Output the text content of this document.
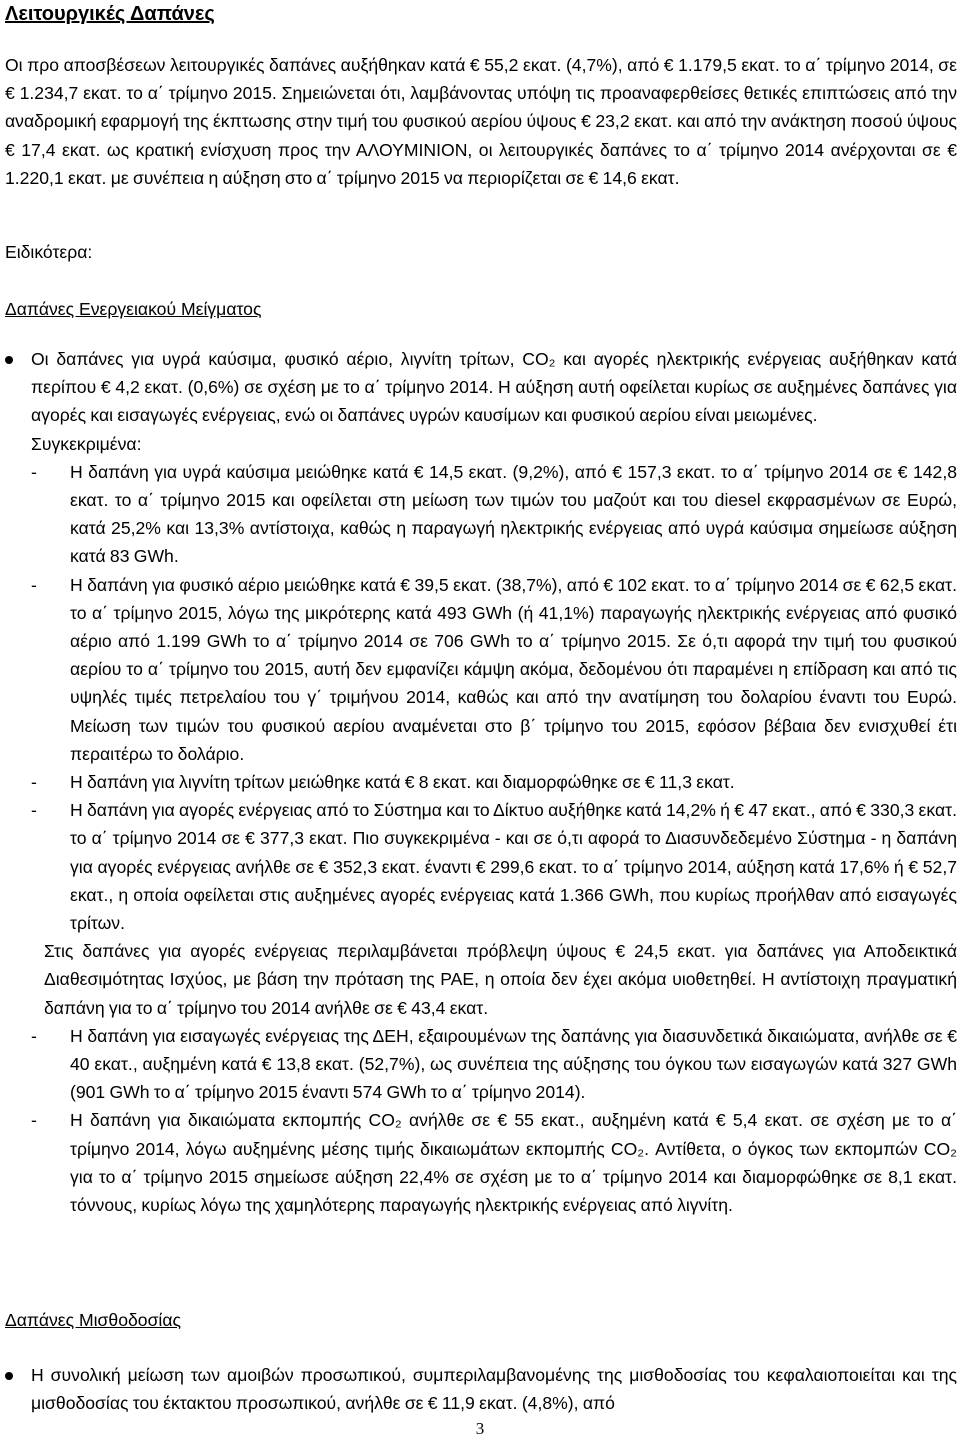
Λειτουργικές Δαπάνες

Οι προ αποσβέσεων λειτουργικές δαπάνες αυξήθηκαν κατά € 55,2 εκατ. (4,7%), από € 1.179,5 εκατ. το α΄ τρίμηνο 2014, σε € 1.234,7 εκατ. το α΄ τρίμηνο 2015. Σημειώνεται ότι, λαμβάνοντας υπόψη τις προαναφερθείσες θετικές επιπτώσεις από την αναδρομική εφαρμογή της έκπτωσης στην τιμή του φυσικού αερίου ύψους € 23,2 εκατ. και από την ανάκτηση ποσού ύψους € 17,4 εκατ. ως κρατική ενίσχυση προς την ΑΛΟΥΜΙΝΙΟΝ, οι λειτουργικές δαπάνες το α΄ τρίμηνο 2014 ανέρχονται σε € 1.220,1 εκατ. με συνέπεια η αύξηση στο α΄ τρίμηνο 2015 να περιορίζεται σε € 14,6 εκατ.

Ειδικότερα:

Δαπάνες Ενεργειακού Μείγματος

Οι δαπάνες για υγρά καύσιμα, φυσικό αέριο, λιγνίτη τρίτων, CO₂ και αγορές ηλεκτρικής ενέργειας αυξήθηκαν κατά περίπου € 4,2 εκατ. (0,6%) σε σχέση με το α΄ τρίμηνο 2014. Η αύξηση αυτή οφείλεται κυρίως σε αυξημένες δαπάνες για αγορές και εισαγωγές ενέργειας, ενώ οι δαπάνες υγρών καυσίμων και φυσικού αερίου είναι μειωμένες.

Συγκεκριμένα:

- Η δαπάνη για υγρά καύσιμα μειώθηκε κατά € 14,5 εκατ. (9,2%), από € 157,3 εκατ. το α΄ τρίμηνο 2014 σε € 142,8 εκατ. το α΄ τρίμηνο 2015 και οφείλεται στη μείωση των τιμών του μαζούτ και του diesel εκφρασμένων σε Ευρώ, κατά 25,2% και 13,3% αντίστοιχα, καθώς η παραγωγή ηλεκτρικής ενέργειας από υγρά καύσιμα σημείωσε αύξηση κατά 83 GWh.
- Η δαπάνη για φυσικό αέριο μειώθηκε κατά € 39,5 εκατ. (38,7%), από € 102 εκατ. το α΄ τρίμηνο 2014 σε € 62,5 εκατ. το α΄ τρίμηνο 2015, λόγω της μικρότερης κατά 493 GWh (ή 41,1%) παραγωγής ηλεκτρικής ενέργειας από φυσικό αέριο από 1.199 GWh το α΄ τρίμηνο 2014 σε 706 GWh το α΄ τρίμηνο 2015. Σε ό,τι αφορά την τιμή του φυσικού αερίου το α΄ τρίμηνο του 2015, αυτή δεν εμφανίζει κάμψη ακόμα, δεδομένου ότι παραμένει η επίδραση και από τις υψηλές τιμές πετρελαίου του γ΄ τριμήνου 2014, καθώς και από την ανατίμηση του δολαρίου έναντι του Ευρώ. Μείωση των τιμών του φυσικού αερίου αναμένεται στο β΄ τρίμηνο του 2015, εφόσον βέβαια δεν ενισχυθεί έτι περαιτέρω το δολάριο.
- Η δαπάνη για λιγνίτη τρίτων μειώθηκε κατά € 8 εκατ. και διαμορφώθηκε σε € 11,3 εκατ.
- Η δαπάνη για αγορές ενέργειας από το Σύστημα και το Δίκτυο αυξήθηκε κατά 14,2% ή € 47 εκατ., από € 330,3 εκατ. το α΄ τρίμηνο 2014 σε € 377,3 εκατ. Πιο συγκεκριμένα - και σε ό,τι αφορά το Διασυνδεδεμένο Σύστημα - η δαπάνη για αγορές ενέργειας ανήλθε σε € 352,3 εκατ. έναντι € 299,6 εκατ. το α΄ τρίμηνο 2014, αύξηση κατά 17,6% ή € 52,7 εκατ., η οποία οφείλεται στις αυξημένες αγορές ενέργειας κατά 1.366 GWh, που κυρίως προήλθαν από εισαγωγές τρίτων.

Στις δαπάνες για αγορές ενέργειας περιλαμβάνεται πρόβλεψη ύψους € 24,5 εκατ. για δαπάνες για Αποδεικτικά Διαθεσιμότητας Ισχύος, με βάση την πρόταση της ΡΑΕ, η οποία δεν έχει ακόμα υιοθετηθεί. Η αντίστοιχη πραγματική δαπάνη για το α΄ τρίμηνο του 2014 ανήλθε σε € 43,4 εκατ.

- Η δαπάνη για εισαγωγές ενέργειας της ΔΕΗ, εξαιρουμένων της δαπάνης για διασυνδετικά δικαιώματα, ανήλθε σε € 40 εκατ., αυξημένη κατά € 13,8 εκατ. (52,7%), ως συνέπεια της αύξησης του όγκου των εισαγωγών κατά 327 GWh (901 GWh το α΄ τρίμηνο 2015 έναντι 574 GWh το α΄ τρίμηνο 2014).
- Η δαπάνη για δικαιώματα εκπομπής CO₂ ανήλθε σε € 55 εκατ., αυξημένη κατά € 5,4 εκατ. σε σχέση με το α΄ τρίμηνο 2014, λόγω αυξημένης μέσης τιμής δικαιωμάτων εκπομπής CO₂. Αντίθετα, ο όγκος των εκπομπών CO₂ για το α΄ τρίμηνο 2015 σημείωσε αύξηση 22,4% σε σχέση με το α΄ τρίμηνο 2014 και διαμορφώθηκε σε 8,1 εκατ. τόννους, κυρίως λόγω της χαμηλότερης παραγωγής ηλεκτρικής ενέργειας από λιγνίτη.

Δαπάνες Μισθοδοσίας

Η συνολική μείωση των αμοιβών προσωπικού, συμπεριλαμβανομένης της μισθοδοσίας του κεφαλαιοποιείται και της μισθοδοσίας του έκτακτου προσωπικού, ανήλθε σε € 11,9 εκατ. (4,8%), από

3
